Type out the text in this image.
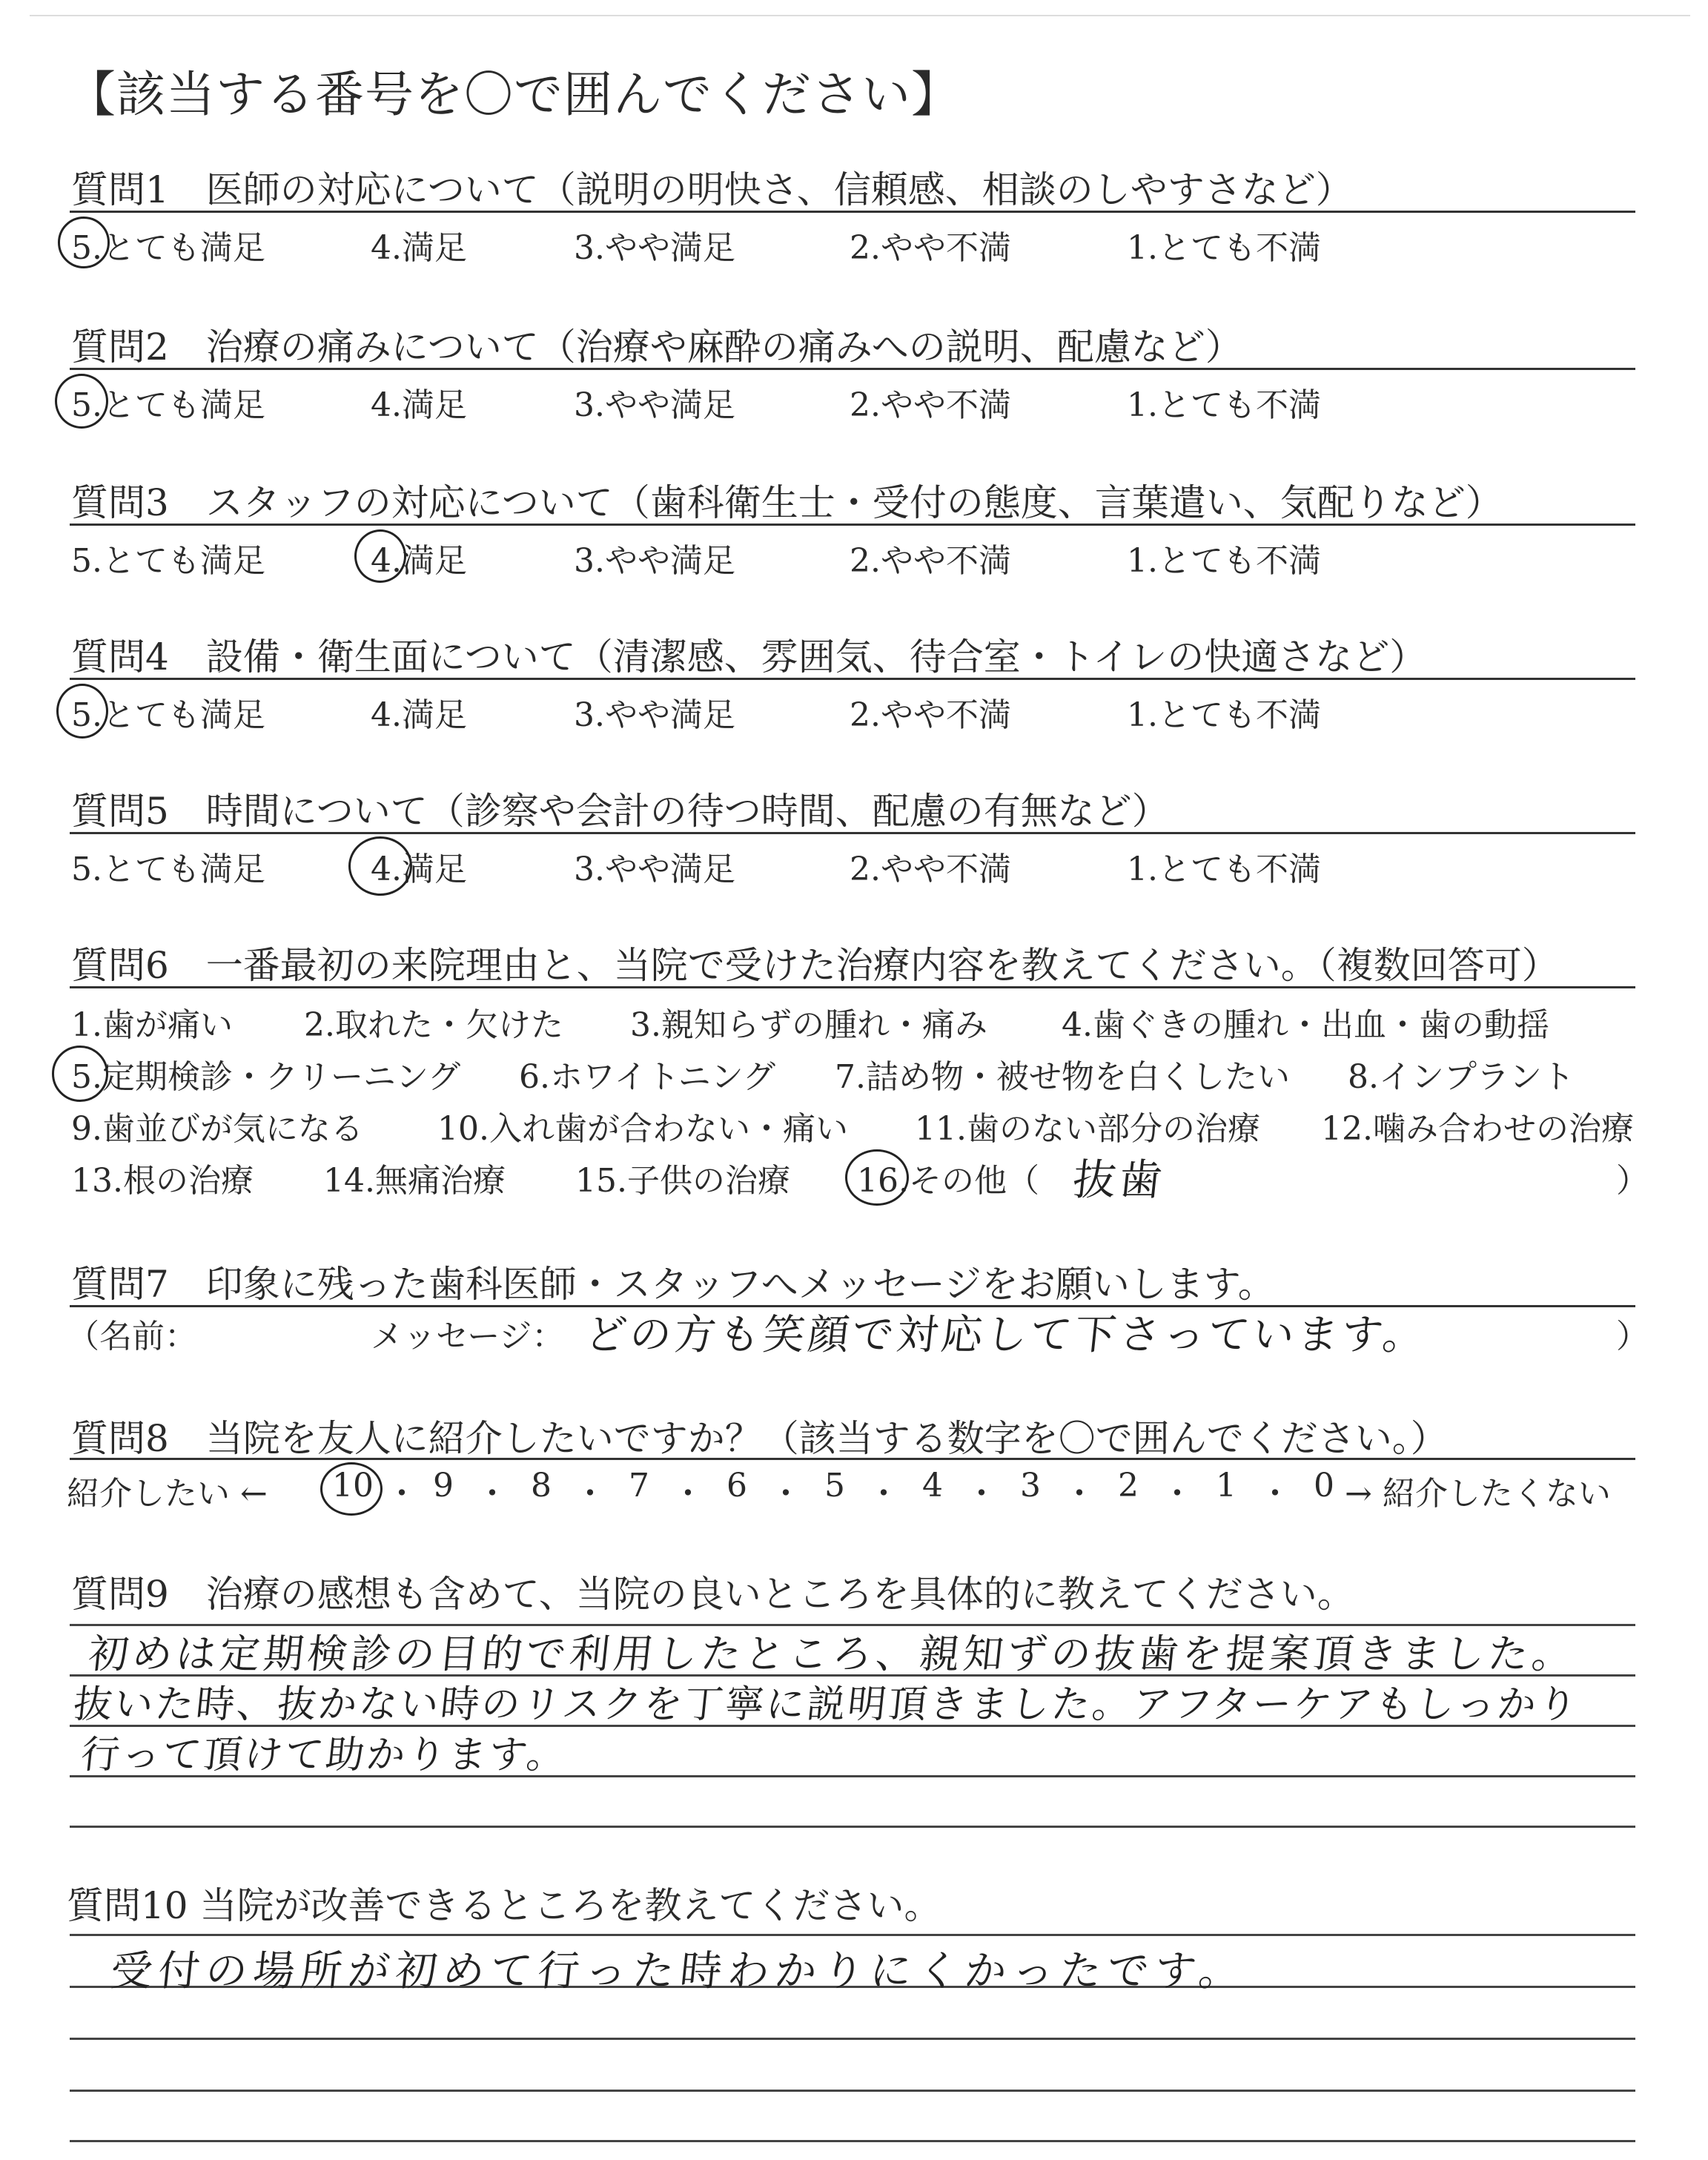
【該当する番号を〇で囲んでください】
質問1　医師の対応について（説明の明快さ、信頼感、相談のしやすさなど）
5.とても満足	4.満足	3.やや満足	2.やや不満	1.とても不満
質問2　治療の痛みについて（治療や麻酔の痛みへの説明、配慮など）
5.とても満足	4.満足	3.やや満足	2.やや不満	1.とても不満
質問3　スタッフの対応について（歯科衛生士・受付の態度、言葉遣い、気配りなど）
5.とても満足	4.満足	3.やや満足	2.やや不満	1.とても不満
質問4　設備・衛生面について（清潔感、雰囲気、待合室・トイレの快適さなど）
5.とても満足	4.満足	3.やや満足	2.やや不満	1.とても不満
質問5　時間について（診察や会計の待つ時間、配慮の有無など）
5.とても満足	4.満足	3.やや満足	2.やや不満	1.とても不満
質問6　一番最初の来院理由と、当院で受けた治療内容を教えてください。（複数回答可）
1.歯が痛い 2.取れた・欠けた 3.親知らずの腫れ・痛み 4.歯ぐきの腫れ・出血・歯の動揺
5.定期検診・クリーニング 6.ホワイトニング 7.詰め物・被せ物を白くしたい 8.インプラント
9.歯並びが気になる 10.入れ歯が合わない・痛い 11.歯のない部分の治療 12.噛み合わせの治療
13.根の治療 14.無痛治療 15.子供の治療 16.その他（ 抜歯	）
質問7　印象に残った歯科医師・スタッフへメッセージをお願いします。
（名前：	メッセージ： どの方も笑顔で対応して下さっています。	）
質問8　当院を友人に紹介したいですか？（該当する数字を〇で囲んでください。）
紹介したい ← 10 ・ 9 ・ 8 ・ 7 ・ 6 ・ 5 ・ 4 ・ 3 ・ 2 ・ 1 ・ 0 → 紹介したくない
質問9　治療の感想も含めて、当院の良いところを具体的に教えてください。
初めは定期検診の目的で利用したところ、親知ずの抜歯を提案頂きました。
抜いた時、抜かない時のリスクを丁寧に説明頂きました。アフターケアもしっかり
行って頂けて助かります。
質問10 当院が改善できるところを教えてください。
受付の場所が初めて行った時わかりにくかったです。
